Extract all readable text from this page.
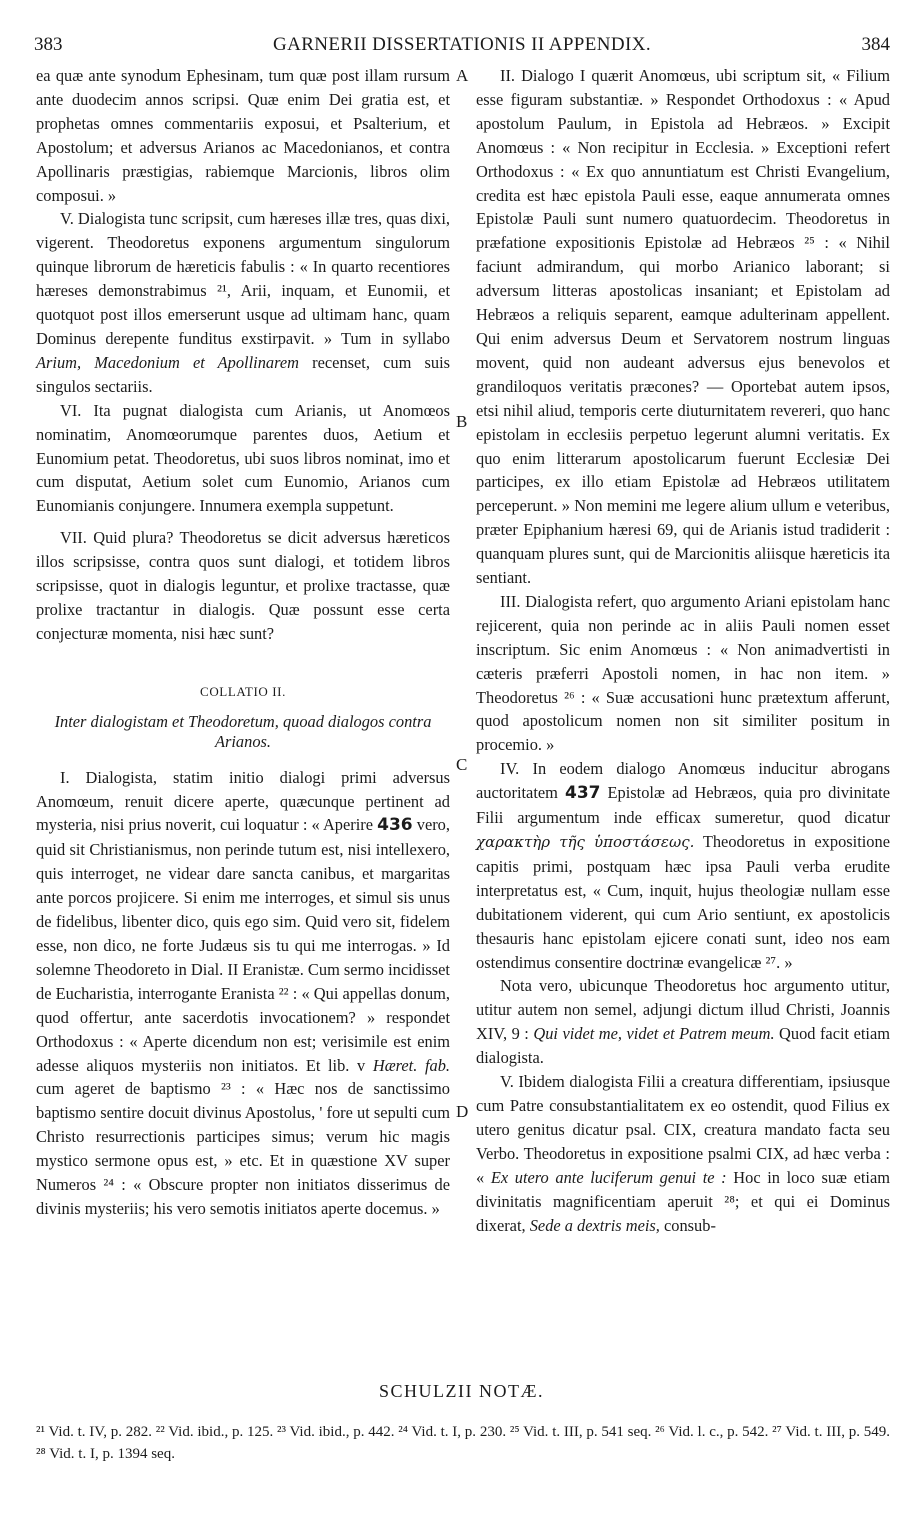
383	GARNERII DISSERTATIONIS II APPENDIX.	384
A
B
C
D

ea quæ ante synodum Ephesinam, tum quæ post illam rursum ante duodecim annos scripsi. Quæ enim Dei gratia est, et prophetas omnes commentariis exposui, et Psalterium, et Apostolum; et adversus Arianos ac Macedonianos, et contra Apollinaris præstigias, rabiemque Marcionis, libros olim composui. »

V. Dialogista tunc scripsit, cum hæreses illæ tres, quas dixi, vigerent. Theodoretus exponens argumentum singulorum quinque librorum de hæreticis fabulis : « In quarto recentiores hæreses demonstrabimus ²¹, Arii, inquam, et Eunomii, et quotquot post illos emerserunt usque ad ultimam hanc, quam Dominus derepente funditus exstirpavit. » Tum in syllabo Arium, Macedonium et Apollinarem recenset, cum suis singulos sectariis.

VI. Ita pugnat dialogista cum Arianis, ut Anomœos nominatim, Anomœorumque parentes duos, Aetium et Eunomium petat. Theodoretus, ubi suos libros nominat, imo et cum disputat, Aetium solet cum Eunomio, Arianos cum Eunomianis conjungere. Innumera exempla suppetunt.

VII. Quid plura? Theodoretus se dicit adversus hæreticos illos scripsisse, contra quos sunt dialogi, et totidem libros scripsisse, quot in dialogis leguntur, et prolixe tractasse, quæ prolixe tractantur in dialogis. Quæ possunt esse certa conjecturæ momenta, nisi hæc sunt?

COLLATIO II.
Inter dialogistam et Theodoretum, quoad dialogos contra Arianos.

I. Dialogista, statim initio dialogi primi adversus Anomœum, renuit dicere aperte, quæcunque pertinent ad mysteria, nisi prius noverit, cui loquatur : « Aperire 436 vero, quid sit Christianismus, non perinde tutum est, nisi intellexero, quis interroget, ne videar dare sancta canibus, et margaritas ante porcos projicere. Si enim me interroges, et simul sis unus de fidelibus, libenter dico, quis ego sim. Quid vero sit, fidelem esse, non dico, ne forte Judæus sis tu qui me interrogas. » Id solemne Theodoreto in Dial. II Eranistæ. Cum sermo incidisset de Eucharistia, interrogante Eranista ²² : « Qui appellas donum, quod offertur, ante sacerdotis invocationem? » respondet Orthodoxus : « Aperte dicendum non est; verisimile est enim adesse aliquos mysteriis non initiatos. Et lib. v Hæret. fab. cum ageret de baptismo ²³ : « Hæc nos de sanctissimo baptismo sentire docuit divinus Apostolus, ' fore ut sepulti cum Christo resurrectionis participes simus; verum hic magis mystico sermone opus est, » etc. Et in quæstione XV super Numeros ²⁴ : « Obscure propter non initiatos disserimus de divinis mysteriis; his vero semotis initiatos aperte docemus. »

II. Dialogo I quærit Anomœus, ubi scriptum sit, « Filium esse figuram substantiæ. » Respondet Orthodoxus : « Apud apostolum Paulum, in Epistola ad Hebræos. » Excipit Anomœus : « Non recipitur in Ecclesia. » Exceptioni refert Orthodoxus : « Ex quo annuntiatum est Christi Evangelium, credita est hæc epistola Pauli esse, eaque annumerata omnes Epistolæ Pauli sunt numero quatuordecim. Theodoretus in præfatione expositionis Epistolæ ad Hebræos ²⁵ : « Nihil faciunt admirandum, qui morbo Arianico laborant; si adversum litteras apostolicas insaniant; et Epistolam ad Hebræos a reliquis separent, eamque adulterinam appellent. Qui enim adversus Deum et Servatorem nostrum linguas movent, quid non audeant adversus ejus benevolos et grandiloquos veritatis præcones? — Oportebat autem ipsos, etsi nihil aliud, temporis certe diuturnitatem revereri, quo hanc epistolam in ecclesiis perpetuo legerunt alumni veritatis. Ex quo enim litterarum apostolicarum fuerunt Ecclesiæ Dei participes, ex illo etiam Epistolæ ad Hebræos utilitatem perceperunt. » Non memini me legere alium ullum e veteribus, præter Epiphanium hæresi 69, qui de Arianis istud tradiderit : quanquam plures sunt, qui de Marcionitis aliisque hæreticis ita sentiant.

III. Dialogista refert, quo argumento Ariani epistolam hanc rejicerent, quia non perinde ac in aliis Pauli nomen esset inscriptum. Sic enim Anomœus : « Non animadvertisti in cæteris præferri Apostoli nomen, in hac non item. » Theodoretus ²⁶ : « Suæ accusationi hunc prætextum afferunt, quod apostolicum nomen non sit similiter positum in procemio. »

IV. In eodem dialogo Anomœus inducitur abrogans auctoritatem 437 Epistolæ ad Hebræos, quia pro divinitate Filii argumentum inde efficax sumeretur, quod dicatur χαρακτὴρ τῆς ὑποστάσεως. Theodoretus in expositione capitis primi, postquam hæc ipsa Pauli verba erudite interpretatus est, « Cum, inquit, hujus theologiæ nullam esse dubitationem viderent, qui cum Ario sentiunt, ex apostolicis thesauris hanc epistolam ejicere conati sunt, ideo nos eam ostendimus consentire doctrinæ evangelicæ ²⁷. »

Nota vero, ubicunque Theodoretus hoc argumento utitur, utitur autem non semel, adjungi dictum illud Christi, Joannis XIV, 9 : Qui videt me, videt et Patrem meum. Quod facit etiam dialogista.

V. Ibidem dialogista Filii a creatura differentiam, ipsiusque cum Patre consubstantialitatem ex eo ostendit, quod Filius ex utero genitus dicatur psal. CIX, creatura mandato facta seu Verbo. Theodoretus in expositione psalmi CIX, ad hæc verba : « Ex utero ante luciferum genui te : Hoc in loco suæ etiam divinitatis magnificentiam aperuit ²⁸; et qui ei Dominus dixerat, Sede a dextris meis, consub-

SCHULZII NOTÆ.

²¹ Vid. t. IV, p. 282. ²² Vid. ibid., p. 125. ²³ Vid. ibid., p. 442. ²⁴ Vid. t. I, p. 230. ²⁵ Vid. t. III, p. 541 seq. ²⁶ Vid. l. c., p. 542. ²⁷ Vid. t. III, p. 549. ²⁸ Vid. t. I, p. 1394 seq.
